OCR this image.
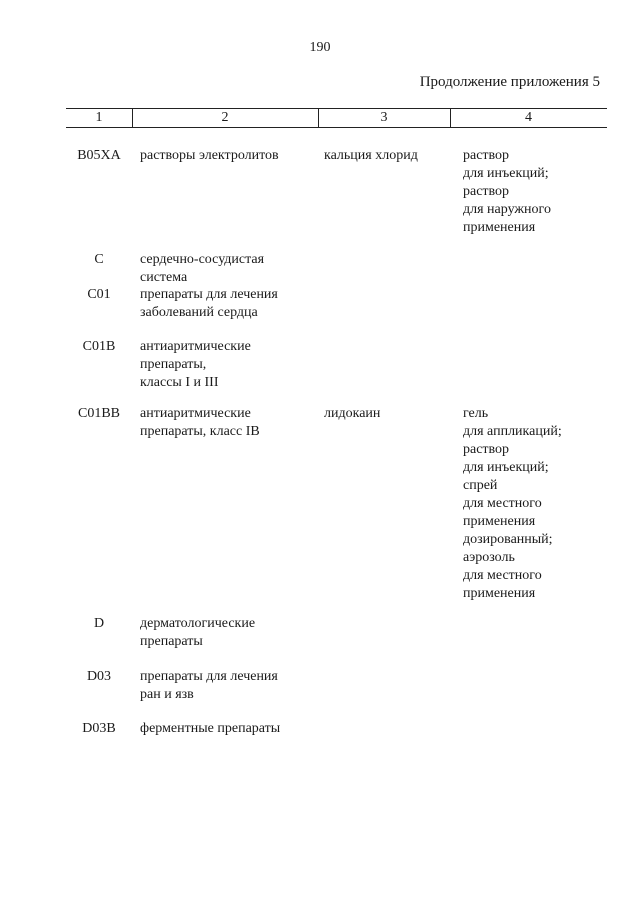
190
Продолжение приложения 5
1	2	3	4
B05XA	растворы электролитов	кальция хлорид	раствор
для инъекций;
раствор
для наружного
применения
C	сердечно-сосудистая
система
C01	препараты для лечения
заболеваний сердца
C01B	антиаритмические
препараты,
классы I и III
C01BB	антиаритмические
препараты, класс IB
лидокаин	гель
для аппликаций;
раствор
для инъекций;
спрей
для местного
применения
дозированный;
аэрозоль
для местного
применения
D	дерматологические
препараты
D03	препараты для лечения
ран и язв
D03B	ферментные препараты
